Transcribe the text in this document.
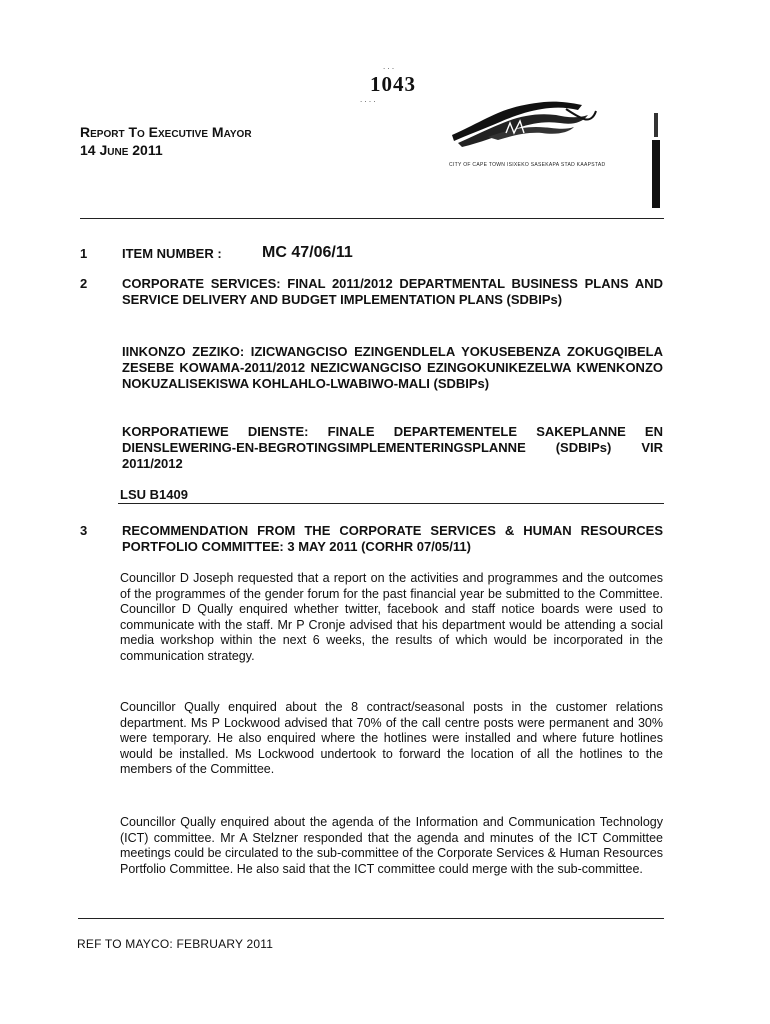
. . .
1043
. . . .
Report To Executive Mayor
14 June 2011
CITY OF CAPE TOWN ISIXEKO SASEKAPA STAD KAAPSTAD
1	ITEM NUMBER :	MC 47/06/11
2	CORPORATE SERVICES: FINAL 2011/2012 DEPARTMENTAL BUSINESS PLANS AND SERVICE DELIVERY AND BUDGET IMPLEMENTATION PLANS (SDBIPs)
IINKONZO ZEZIKO: IZICWANGCISO EZINGENDLELA YOKUSEBENZA ZOKUGQIBELA ZESEBE KOWAMA-2011/2012 NEZICWANGCISO EZINGOKUNIKEZELWA KWENKONZO NOKUZALISEKISWA KOHLAHLO-LWABIWO-MALI (SDBIPs)
KORPORATIEWE DIENSTE: FINALE DEPARTEMENTELE SAKEPLANNE EN DIENSLEWERING-EN-BEGROTINGSIMPLEMENTERINGSPLANNE (SDBIPs) VIR 2011/2012
LSU B1409
3	RECOMMENDATION FROM THE CORPORATE SERVICES & HUMAN RESOURCES PORTFOLIO COMMITTEE: 3 MAY 2011 (CORHR 07/05/11)
Councillor D Joseph requested that a report on the activities and programmes and the outcomes of the programmes of the gender forum for the past financial year be submitted to the Committee. Councillor D Qually enquired whether twitter, facebook and staff notice boards were used to communicate with the staff. Mr P Cronje advised that his department would be attending a social media workshop within the next 6 weeks, the results of which would be incorporated in the communication strategy.
Councillor Qually enquired about the 8 contract/seasonal posts in the customer relations department. Ms P Lockwood advised that 70% of the call centre posts were permanent and 30% were temporary. He also enquired where the hotlines were installed and where future hotlines would be installed. Ms Lockwood undertook to forward the location of all the hotlines to the members of the Committee.
Councillor Qually enquired about the agenda of the Information and Communication Technology (ICT) committee. Mr A Stelzner responded that the agenda and minutes of the ICT Committee meetings could be circulated to the sub-committee of the Corporate Services & Human Resources Portfolio Committee. He also said that the ICT committee could merge with the sub-committee.
REF TO MAYCO: FEBRUARY 2011
